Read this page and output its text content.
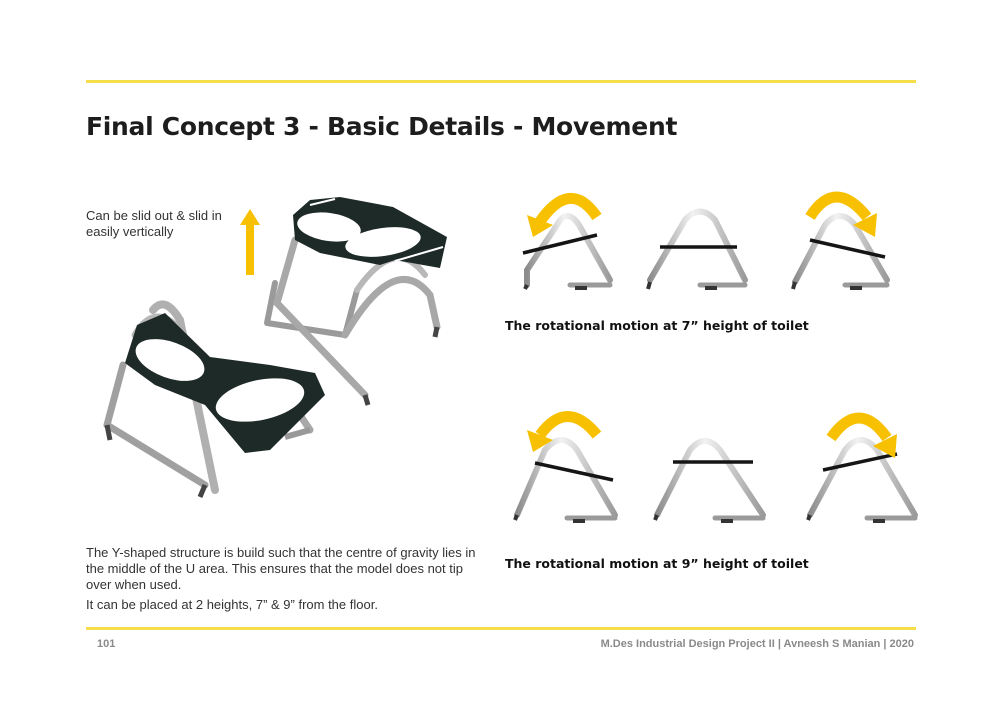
Final Concept 3 - Basic Details - Movement

Can be slid out & slid in
easily vertically

The Y-shaped structure is build such that the centre of gravity lies in
the middle of the U area. This ensures that the model does not tip
over when used.

It can be placed at 2 heights, 7” & 9” from the floor.

The rotational motion at 7” height of toilet

The rotational motion at 9” height of toilet

101	M.Des Industrial Design Project II | Avneesh S Manian | 2020
